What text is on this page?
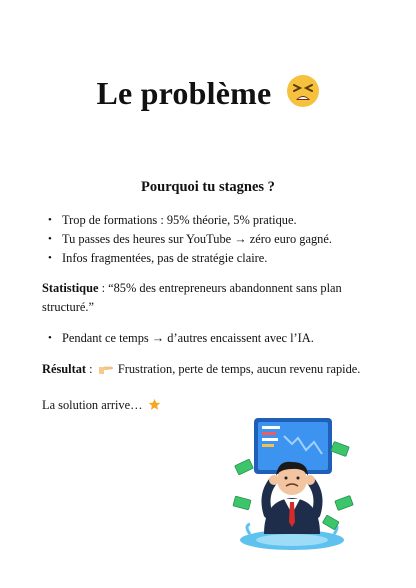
Le problème
Pourquoi tu stagnes ?
• Trop de formations : 95% théorie, 5% pratique.
• Tu passes des heures sur YouTube → zéro euro gagné.
• Infos fragmentées, pas de stratégie claire.
Statistique : “85% des entrepreneurs abandonnent sans plan structuré.”
• Pendant ce temps → d’autres encaissent avec l’IA.
Résultat :  Frustration, perte de temps, aucun revenu rapide.
La solution arrive…
